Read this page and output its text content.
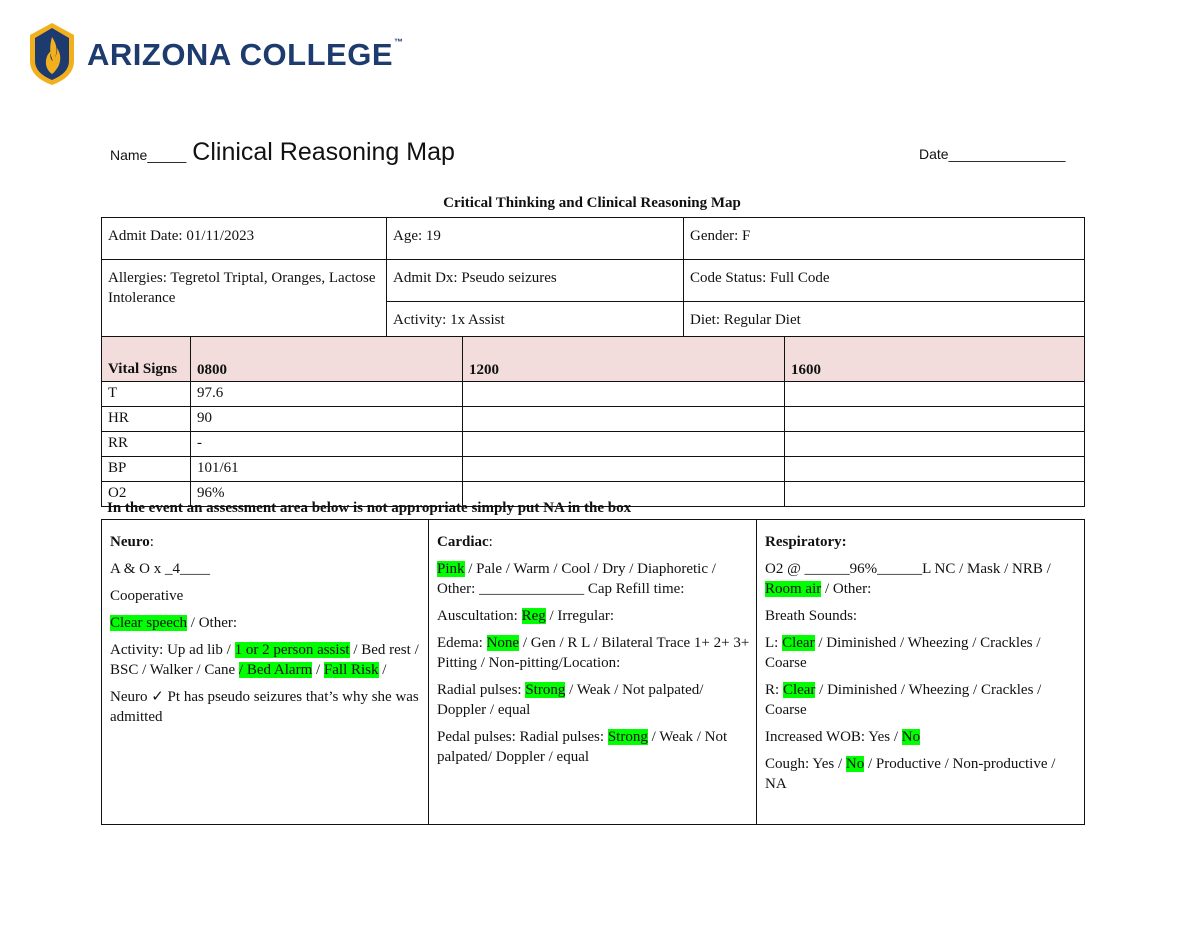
ARIZONA COLLEGE™
Name_____ Clinical Reasoning Map	Date_______________
Critical Thinking and Clinical Reasoning Map
Admit Date: 01/11/2023	Age: 19	Gender: F
Allergies: Tegretol Triptal, Oranges, Lactose Intolerance	Admit Dx: Pseudo seizures	Code Status: Full Code
	Activity: 1x Assist	Diet: Regular Diet
Vital Signs	0800	1200	1600
T	97.6		
HR	90		
RR	-		
BP	101/61		
O2	96%		
In the event an assessment area below is not appropriate simply put NA in the box

Neuro:

A & O x _4____

Cooperative

Clear speech / Other:

Activity: Up ad lib / 1 or 2 person assist / Bed rest / BSC / Walker / Cane / Bed Alarm / Fall Risk /

Neuro ✓ Pt has pseudo seizures that’s why she was admitted

Cardiac:

Pink / Pale / Warm / Cool / Dry / Diaphoretic / Other: ______________ Cap Refill time:

Auscultation: Reg / Irregular:

Edema: None / Gen / R L / Bilateral Trace 1+ 2+ 3+ Pitting / Non-pitting/Location:

Radial pulses: Strong / Weak / Not palpated/ Doppler / equal

Pedal pulses: Radial pulses: Strong / Weak / Not palpated/ Doppler / equal

Respiratory:

O2 @ ______96%______L NC / Mask / NRB / Room air / Other:

Breath Sounds:

L: Clear / Diminished / Wheezing / Crackles / Coarse

R: Clear / Diminished / Wheezing / Crackles / Coarse

Increased WOB: Yes / No

Cough: Yes / No / Productive / Non-productive / NA
